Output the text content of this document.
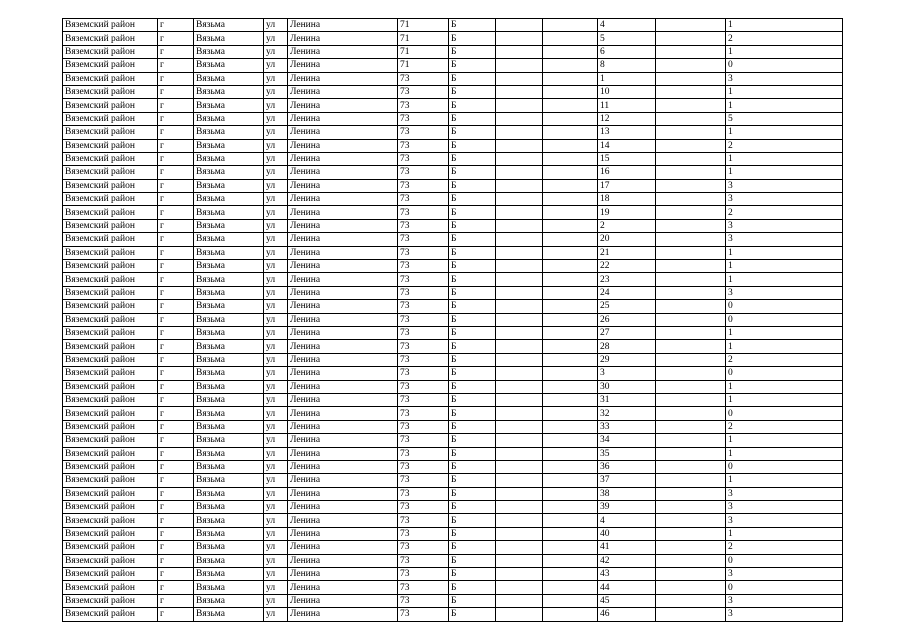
Вяземский район	г	Вязьма	ул	Ленина	71	Б			4		1
Вяземский район	г	Вязьма	ул	Ленина	71	Б			5		2
Вяземский район	г	Вязьма	ул	Ленина	71	Б			6		1
Вяземский район	г	Вязьма	ул	Ленина	71	Б			8		0
Вяземский район	г	Вязьма	ул	Ленина	73	Б			1		3
Вяземский район	г	Вязьма	ул	Ленина	73	Б			10		1
Вяземский район	г	Вязьма	ул	Ленина	73	Б			11		1
Вяземский район	г	Вязьма	ул	Ленина	73	Б			12		5
Вяземский район	г	Вязьма	ул	Ленина	73	Б			13		1
Вяземский район	г	Вязьма	ул	Ленина	73	Б			14		2
Вяземский район	г	Вязьма	ул	Ленина	73	Б			15		1
Вяземский район	г	Вязьма	ул	Ленина	73	Б			16		1
Вяземский район	г	Вязьма	ул	Ленина	73	Б			17		3
Вяземский район	г	Вязьма	ул	Ленина	73	Б			18		3
Вяземский район	г	Вязьма	ул	Ленина	73	Б			19		2
Вяземский район	г	Вязьма	ул	Ленина	73	Б			2		3
Вяземский район	г	Вязьма	ул	Ленина	73	Б			20		3
Вяземский район	г	Вязьма	ул	Ленина	73	Б			21		1
Вяземский район	г	Вязьма	ул	Ленина	73	Б			22		1
Вяземский район	г	Вязьма	ул	Ленина	73	Б			23		1
Вяземский район	г	Вязьма	ул	Ленина	73	Б			24		3
Вяземский район	г	Вязьма	ул	Ленина	73	Б			25		0
Вяземский район	г	Вязьма	ул	Ленина	73	Б			26		0
Вяземский район	г	Вязьма	ул	Ленина	73	Б			27		1
Вяземский район	г	Вязьма	ул	Ленина	73	Б			28		1
Вяземский район	г	Вязьма	ул	Ленина	73	Б			29		2
Вяземский район	г	Вязьма	ул	Ленина	73	Б			3		0
Вяземский район	г	Вязьма	ул	Ленина	73	Б			30		1
Вяземский район	г	Вязьма	ул	Ленина	73	Б			31		1
Вяземский район	г	Вязьма	ул	Ленина	73	Б			32		0
Вяземский район	г	Вязьма	ул	Ленина	73	Б			33		2
Вяземский район	г	Вязьма	ул	Ленина	73	Б			34		1
Вяземский район	г	Вязьма	ул	Ленина	73	Б			35		1
Вяземский район	г	Вязьма	ул	Ленина	73	Б			36		0
Вяземский район	г	Вязьма	ул	Ленина	73	Б			37		1
Вяземский район	г	Вязьма	ул	Ленина	73	Б			38		3
Вяземский район	г	Вязьма	ул	Ленина	73	Б			39		3
Вяземский район	г	Вязьма	ул	Ленина	73	Б			4		3
Вяземский район	г	Вязьма	ул	Ленина	73	Б			40		1
Вяземский район	г	Вязьма	ул	Ленина	73	Б			41		2
Вяземский район	г	Вязьма	ул	Ленина	73	Б			42		0
Вяземский район	г	Вязьма	ул	Ленина	73	Б			43		3
Вяземский район	г	Вязьма	ул	Ленина	73	Б			44		0
Вяземский район	г	Вязьма	ул	Ленина	73	Б			45		3
Вяземский район	г	Вязьма	ул	Ленина	73	Б			46		3
